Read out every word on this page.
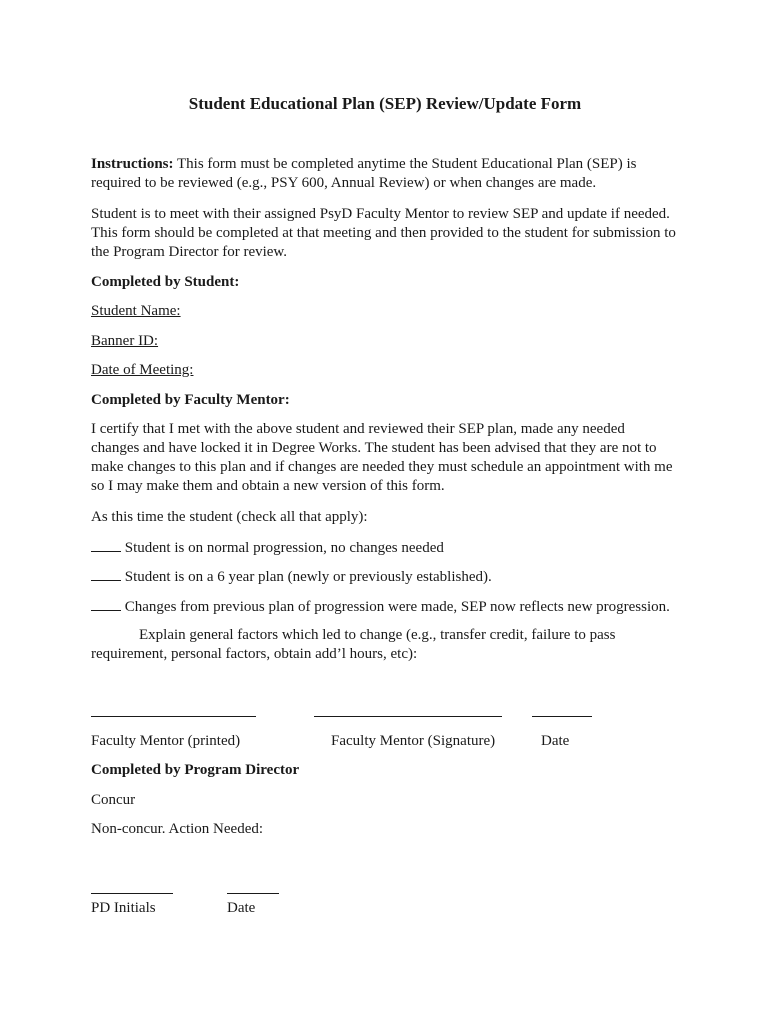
Student Educational Plan (SEP) Review/Update Form
Instructions: This form must be completed anytime the Student Educational Plan (SEP) is
required to be reviewed (e.g., PSY 600, Annual Review) or when changes are made.
Student is to meet with their assigned PsyD Faculty Mentor to review SEP and update if needed.
This form should be completed at that meeting and then provided to the student for submission to
the Program Director for review.
Completed by Student:
Student Name:
Banner ID:
Date of Meeting:
Completed by Faculty Mentor:
I certify that I met with the above student and reviewed their SEP plan, made any needed
changes and have locked it in Degree Works. The student has been advised that they are not to
make changes to this plan and if changes are needed they must schedule an appointment with me
so I may make them and obtain a new version of this form.
As this time the student (check all that apply):
Student is on normal progression, no changes needed
Student is on a 6 year plan (newly or previously established).
Changes from previous plan of progression were made, SEP now reflects new progression.
Explain general factors which led to change (e.g., transfer credit, failure to pass
requirement, personal factors, obtain add’l hours, etc):
Faculty Mentor (printed)	Faculty Mentor (Signature)	Date
Completed by Program Director
Concur
Non-concur. Action Needed:
PD Initials	Date
